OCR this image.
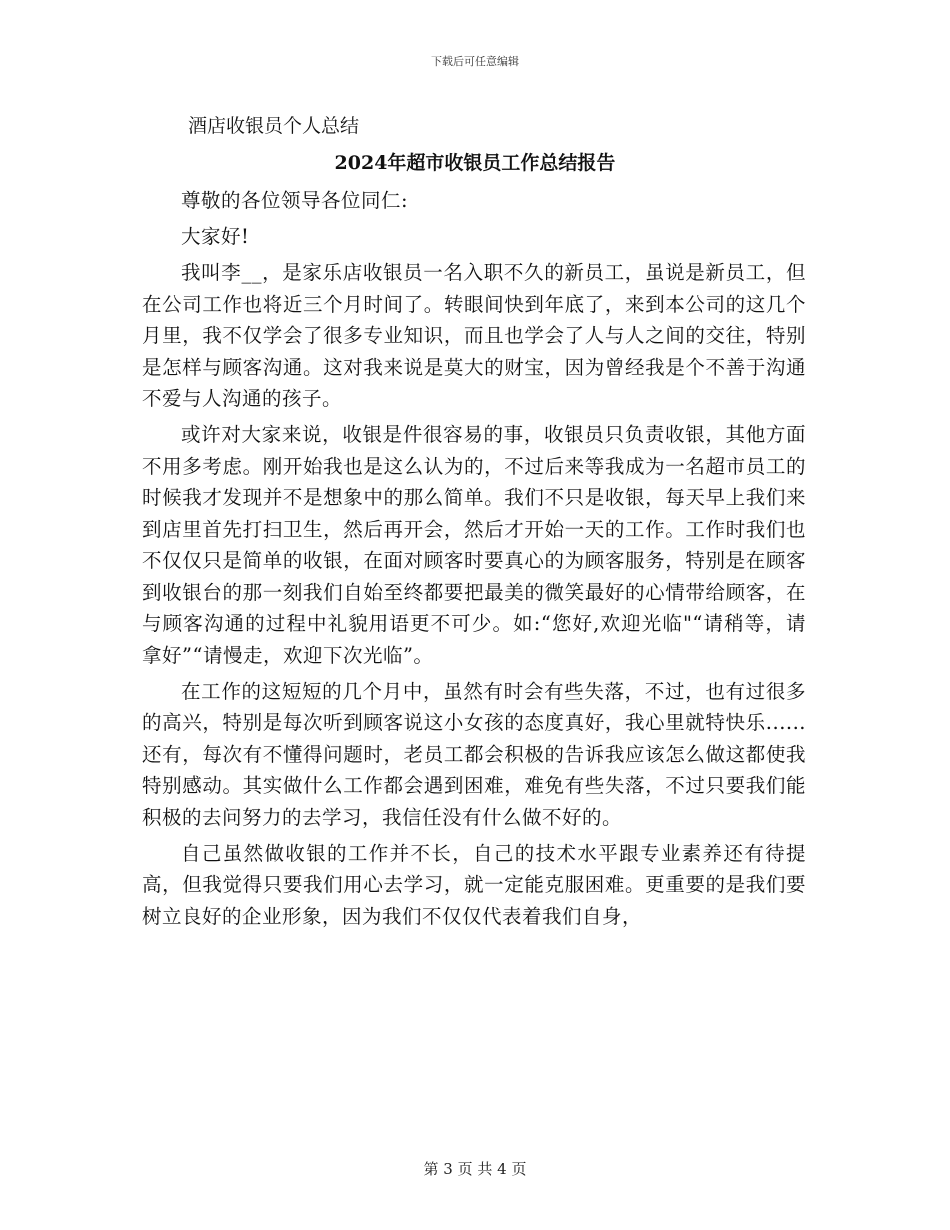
下载后可任意编辑
酒店收银员个人总结
2024年超市收银员工作总结报告

尊敬的各位领导各位同仁:

大家好!

我叫李__，是家乐店收银员一名入职不久的新员工，虽说是新员工，但在公司工作也将近三个月时间了。转眼间快到年底了，来到本公司的这几个月里，我不仅学会了很多专业知识，而且也学会了人与人之间的交往，特别是怎样与顾客沟通。这对我来说是莫大的财宝，因为曾经我是个不善于沟通不爱与人沟通的孩子。

或许对大家来说，收银是件很容易的事，收银员只负责收银，其他方面不用多考虑。刚开始我也是这么认为的，不过后来等我成为一名超市员工的时候我才发现并不是想象中的那么简单。我们不只是收银，每天早上我们来到店里首先打扫卫生，然后再开会，然后才开始一天的工作。工作时我们也不仅仅只是简单的收银，在面对顾客时要真心的为顾客服务，特别是在顾客到收银台的那一刻我们自始至终都要把最美的微笑最好的心情带给顾客，在与顾客沟通的过程中礼貌用语更不可少。如:“您好,欢迎光临"“请稍等，请拿好”“请慢走，欢迎下次光临”。

在工作的这短短的几个月中，虽然有时会有些失落，不过，也有过很多的高兴，特别是每次听到顾客说这小女孩的态度真好，我心里就特快乐......还有，每次有不懂得问题时，老员工都会积极的告诉我应该怎么做这都使我特别感动。其实做什么工作都会遇到困难，难免有些失落，不过只要我们能积极的去问努力的去学习，我信任没有什么做不好的。

自己虽然做收银的工作并不长，自己的技术水平跟专业素养还有待提高，但我觉得只要我们用心去学习，就一定能克服困难。更重要的是我们要树立良好的企业形象，因为我们不仅仅代表着我们自身，

第 3 页 共 4 页
